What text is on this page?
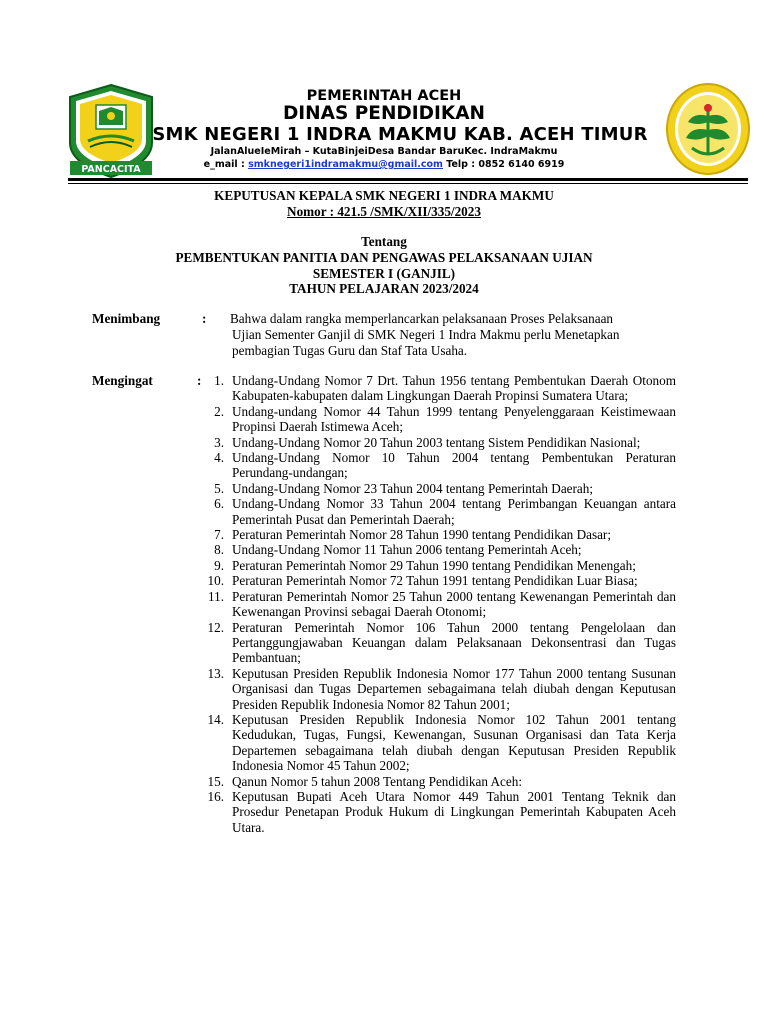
PANCACITA
PEMERINTAH ACEH
DINAS PENDIDIKAN
SMK NEGERI 1 INDRA MAKMU KAB. ACEH TIMUR
JalanAlueIeMirah – KutaBinjeiDesa Bandar BaruKec. IndraMakmu
e_mail : smknegeri1indramakmu@gmail.com Telp : 0852 6140 6919
KEPUTUSAN KEPALA SMK NEGERI 1 INDRA MAKMU
Nomor : 421.5 /SMK/XII/335/2023
Tentang
PEMBENTUKAN PANITIA DAN PENGAWAS PELAKSANAAN UJIAN
SEMESTER I (GANJIL)
TAHUN PELAJARAN 2023/2024
Menimbang	: Bahwa dalam rangka memperlancarkan pelaksanaan Proses Pelaksanaan
Ujian Sementer Ganjil di SMK Negeri 1 Indra Makmu perlu Menetapkan
pembagian Tugas Guru dan Staf Tata Usaha.
Mengingat	: 1. Undang-Undang Nomor 7 Drt. Tahun 1956 tentang Pembentukan Daerah Otonom Kabupaten-kabupaten dalam Lingkungan Daerah Propinsi Sumatera Utara;
2. Undang-undang Nomor 44 Tahun 1999 tentang Penyelenggaraan Keistimewaan Propinsi Daerah Istimewa Aceh;
3. Undang-Undang Nomor 20 Tahun 2003 tentang Sistem Pendidikan Nasional;
4. Undang-Undang Nomor 10 Tahun 2004 tentang Pembentukan Peraturan Perundang-undangan;
5. Undang-Undang Nomor 23 Tahun 2004 tentang Pemerintah Daerah;
6. Undang-Undang Nomor 33 Tahun 2004 tentang Perimbangan Keuangan antara Pemerintah Pusat dan Pemerintah Daerah;
7. Peraturan Pemerintah Nomor 28 Tahun 1990 tentang Pendidikan Dasar;
8. Undang-Undang Nomor 11 Tahun 2006 tentang Pemerintah Aceh;
9. Peraturan Pemerintah Nomor 29 Tahun 1990 tentang Pendidikan Menengah;
10. Peraturan Pemerintah Nomor 72 Tahun 1991 tentang Pendidikan Luar Biasa;
11. Peraturan Pemerintah Nomor 25 Tahun 2000 tentang Kewenangan Pemerintah dan Kewenangan Provinsi sebagai Daerah Otonomi;
12. Peraturan Pemerintah Nomor 106 Tahun 2000 tentang Pengelolaan dan Pertanggungjawaban Keuangan dalam Pelaksanaan Dekonsentrasi dan Tugas Pembantuan;
13. Keputusan Presiden Republik Indonesia Nomor 177 Tahun 2000 tentang Susunan Organisasi dan Tugas Departemen sebagaimana telah diubah dengan Keputusan Presiden Republik Indonesia Nomor 82 Tahun 2001;
14. Keputusan Presiden Republik Indonesia Nomor 102 Tahun 2001 tentang Kedudukan, Tugas, Fungsi, Kewenangan, Susunan Organisasi dan Tata Kerja Departemen sebagaimana telah diubah dengan Keputusan Presiden Republik Indonesia Nomor 45 Tahun 2002;
15. Qanun Nomor 5 tahun 2008 Tentang Pendidikan Aceh:
16. Keputusan Bupati Aceh Utara Nomor 449 Tahun 2001 Tentang Teknik dan Prosedur Penetapan Produk Hukum di Lingkungan Pemerintah Kabupaten Aceh Utara.
